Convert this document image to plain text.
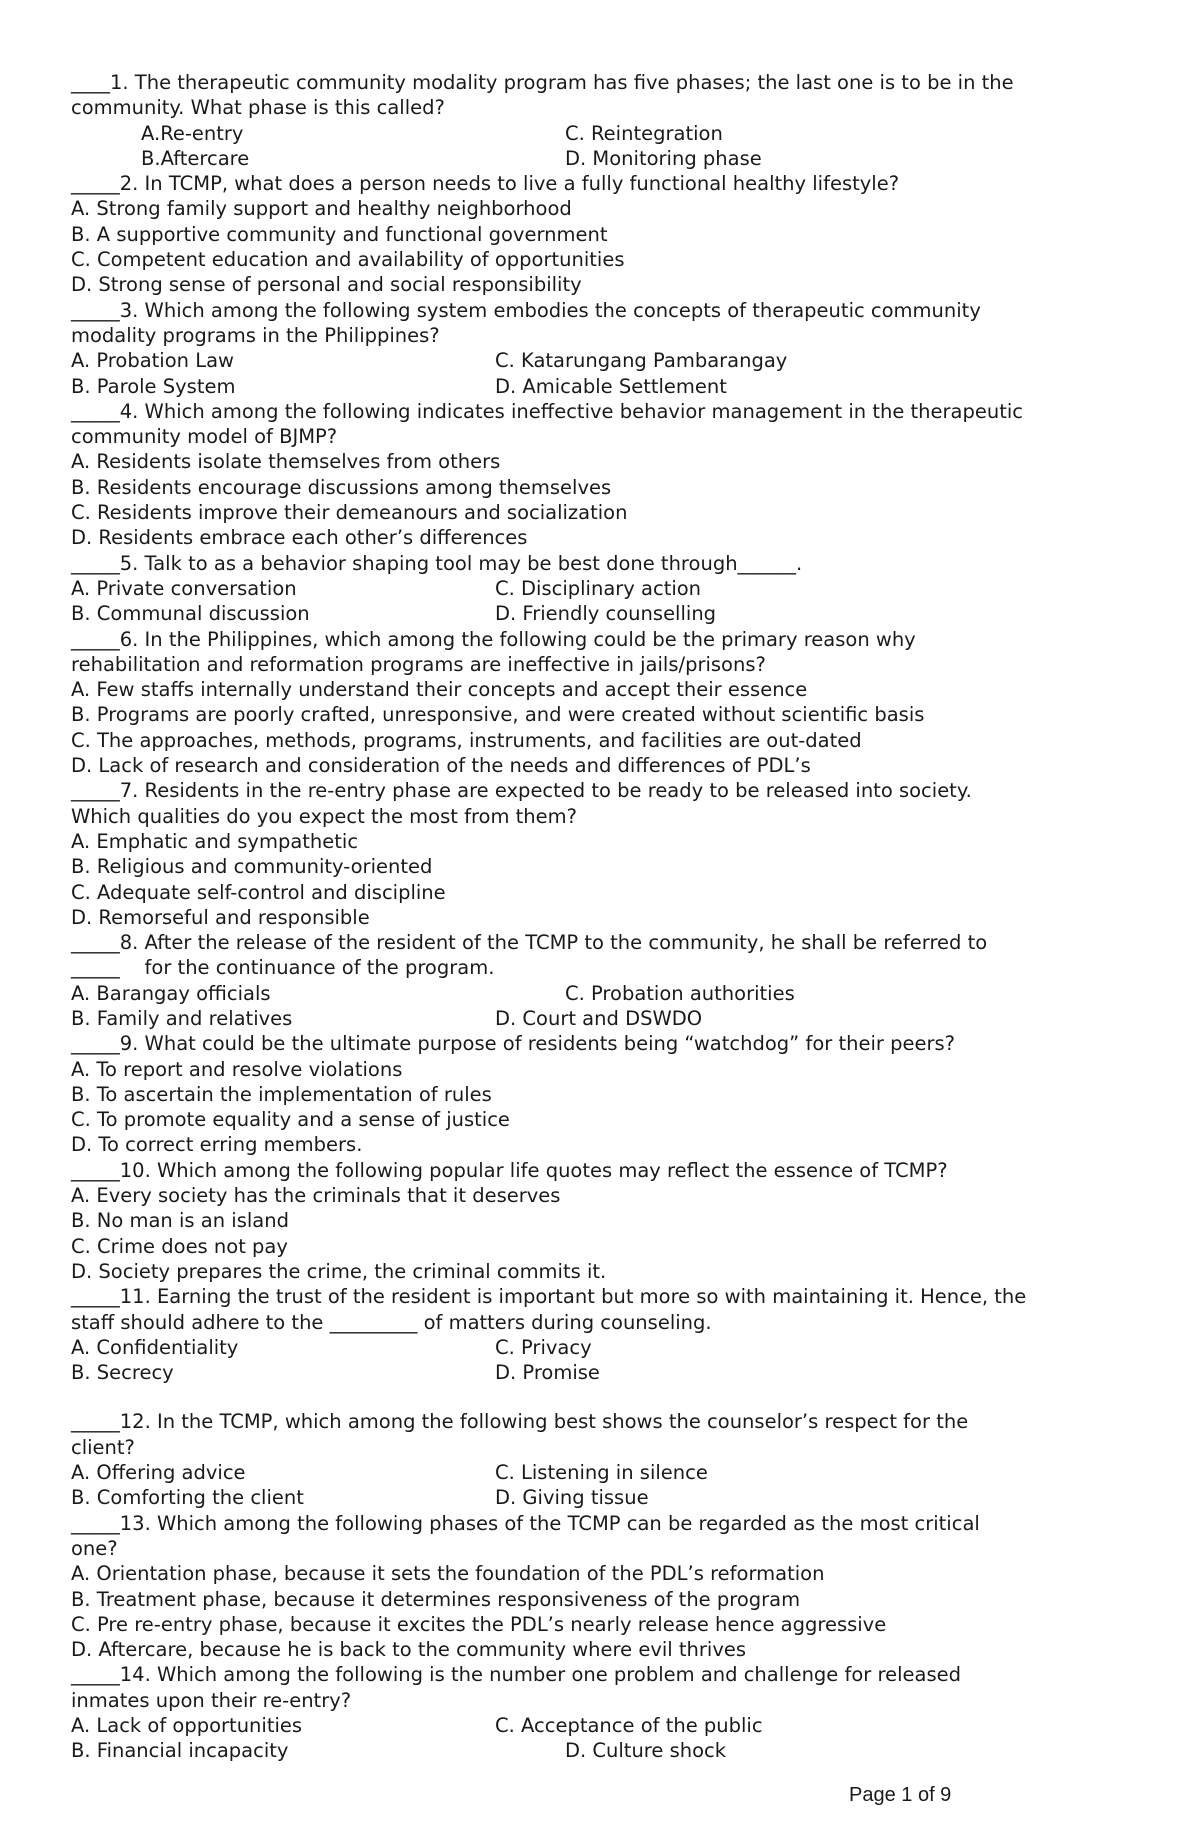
____1. The therapeutic community modality program has five phases; the last one is to be in the
community. What phase is this called?
A.Re-entry	C. Reintegration
B.Aftercare	D. Monitoring phase
_____2. In TCMP, what does a person needs to live a fully functional healthy lifestyle?
A. Strong family support and healthy neighborhood
B. A supportive community and functional government
C. Competent education and availability of opportunities
D. Strong sense of personal and social responsibility
_____3. Which among the following system embodies the concepts of therapeutic community
modality programs in the Philippines?
A. Probation Law	C. Katarungang Pambarangay
B. Parole System	D. Amicable Settlement
_____4. Which among the following indicates ineffective behavior management in the therapeutic
community model of BJMP?
A. Residents isolate themselves from others
B. Residents encourage discussions among themselves
C. Residents improve their demeanours and socialization
D. Residents embrace each other’s differences
_____5. Talk to as a behavior shaping tool may be best done through______.
A. Private conversation	C. Disciplinary action
B. Communal discussion	D. Friendly counselling
_____6. In the Philippines, which among the following could be the primary reason why
rehabilitation and reformation programs are ineffective in jails/prisons?
A. Few staffs internally understand their concepts and accept their essence
B. Programs are poorly crafted, unresponsive, and were created without scientific basis
C. The approaches, methods, programs, instruments, and facilities are out-dated
D. Lack of research and consideration of the needs and differences of PDL’s
_____7. Residents in the re-entry phase are expected to be ready to be released into society.
Which qualities do you expect the most from them?
A. Emphatic and sympathetic
B. Religious and community-oriented
C. Adequate self-control and discipline
D. Remorseful and responsible
_____8. After the release of the resident of the TCMP to the community, he shall be referred to
_____    for the continuance of the program.
A. Barangay officials	C. Probation authorities
B. Family and relatives	D. Court and DSWDO
_____9. What could be the ultimate purpose of residents being “watchdog” for their peers?
A. To report and resolve violations
B. To ascertain the implementation of rules
C. To promote equality and a sense of justice
D. To correct erring members.
_____10. Which among the following popular life quotes may reflect the essence of TCMP?
A. Every society has the criminals that it deserves
B. No man is an island
C. Crime does not pay
D. Society prepares the crime, the criminal commits it.
_____11. Earning the trust of the resident is important but more so with maintaining it. Hence, the
staff should adhere to the _________ of matters during counseling.
A. Confidentiality	C. Privacy
B. Secrecy	D. Promise
_____12. In the TCMP, which among the following best shows the counselor’s respect for the
client?
A. Offering advice	C. Listening in silence
B. Comforting the client	D. Giving tissue
_____13. Which among the following phases of the TCMP can be regarded as the most critical
one?
A. Orientation phase, because it sets the foundation of the PDL’s reformation
B. Treatment phase, because it determines responsiveness of the program
C. Pre re-entry phase, because it excites the PDL’s nearly release hence aggressive
D. Aftercare, because he is back to the community where evil thrives
_____14. Which among the following is the number one problem and challenge for released
inmates upon their re-entry?
A. Lack of opportunities	C. Acceptance of the public
B. Financial incapacity	D. Culture shock
Page 1 of 9
